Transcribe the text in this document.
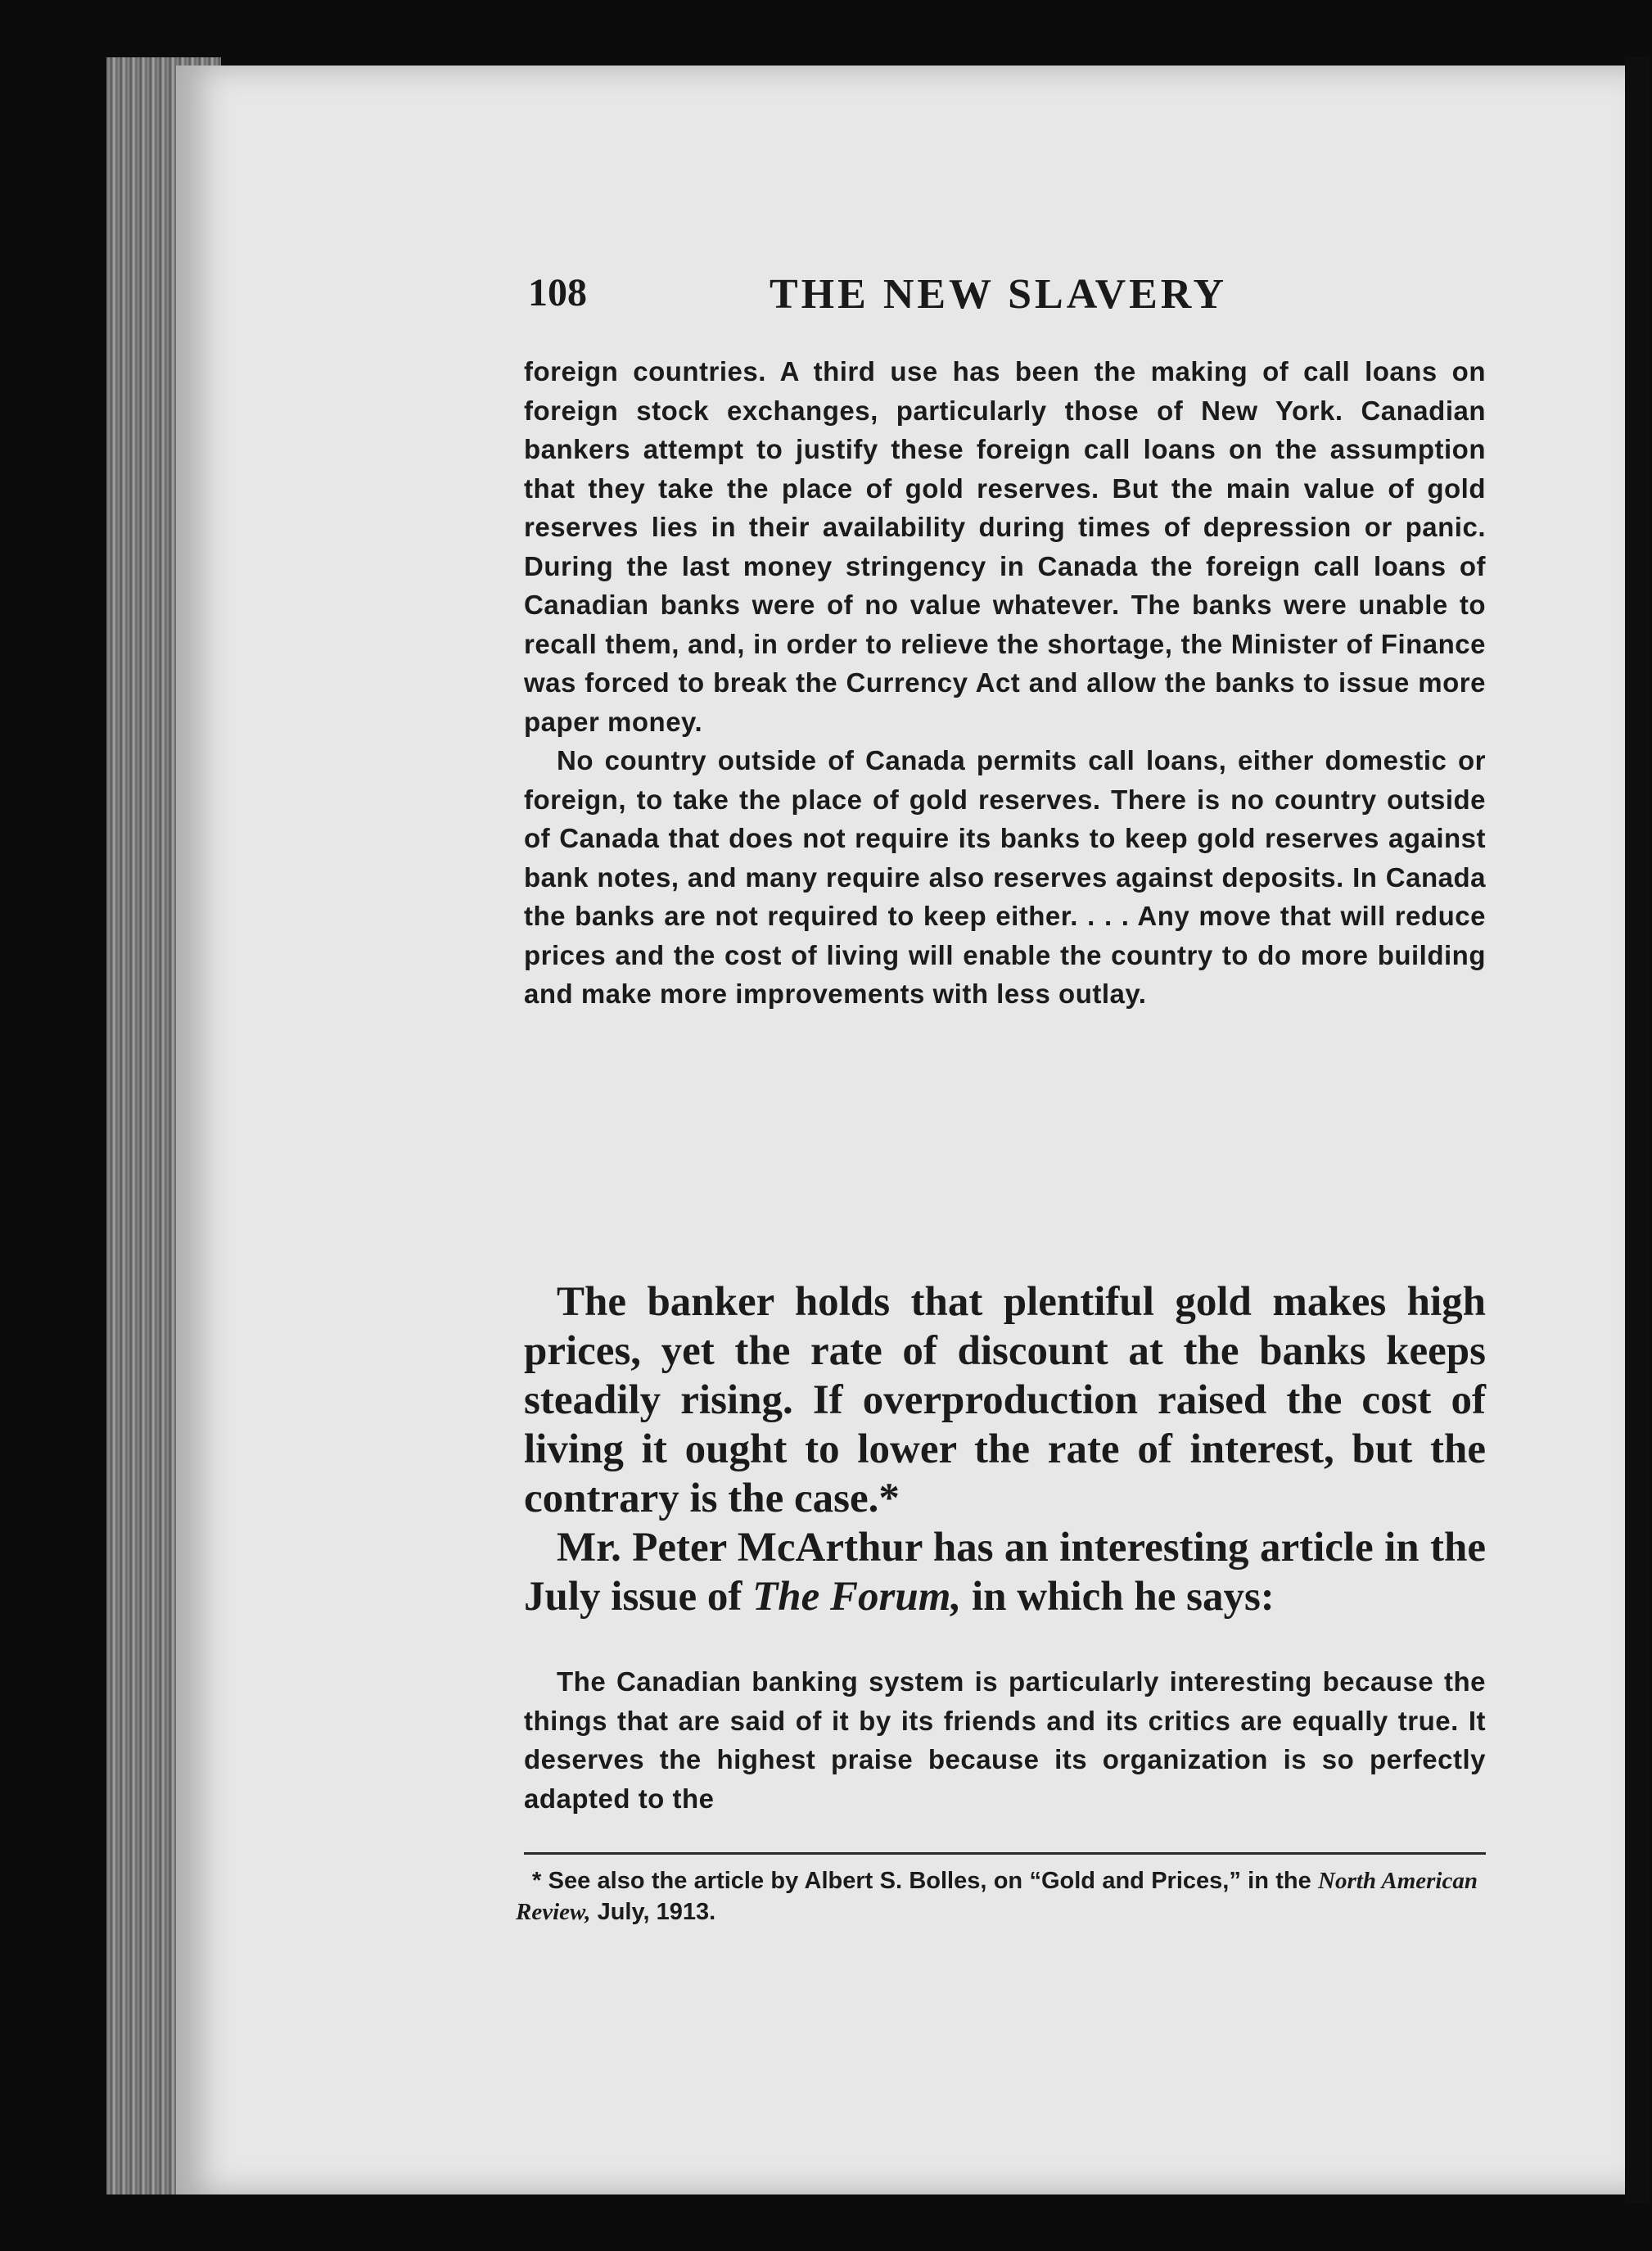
108	THE NEW SLAVERY

foreign countries. A third use has been the making of call loans on foreign stock exchanges, particularly those of New York. Canadian bankers attempt to justify these foreign call loans on the assumption that they take the place of gold reserves. But the main value of gold reserves lies in their availability during times of depression or panic. During the last money stringency in Canada the foreign call loans of Canadian banks were of no value whatever. The banks were unable to recall them, and, in order to relieve the shortage, the Minister of Finance was forced to break the Currency Act and allow the banks to issue more paper money.

No country outside of Canada permits call loans, either domestic or foreign, to take the place of gold reserves. There is no country outside of Canada that does not require its banks to keep gold reserves against bank notes, and many require also reserves against deposits. In Canada the banks are not required to keep either. . . . Any move that will reduce prices and the cost of living will enable the country to do more building and make more improvements with less outlay.

The banker holds that plentiful gold makes high prices, yet the rate of discount at the banks keeps steadily rising. If overproduction raised the cost of living it ought to lower the rate of interest, but the contrary is the case.*

Mr. Peter McArthur has an interesting article in the July issue of The Forum, in which he says:

The Canadian banking system is particularly interesting because the things that are said of it by its friends and its critics are equally true. It deserves the highest praise because its organization is so perfectly adapted to the

* See also the article by Albert S. Bolles, on “Gold and Prices,” in the North American Review, July, 1913.
